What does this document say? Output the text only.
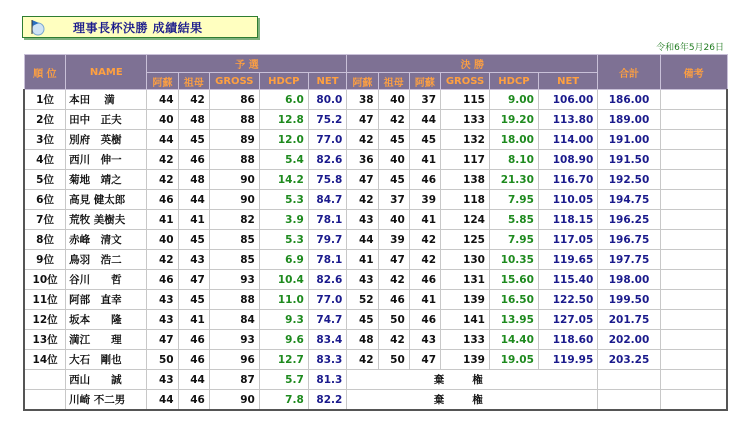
理事長杯決勝 成績結果
令和6年5月26日
順 位	NAME	予 選					決 勝						合計	備考
		阿蘇	祖母	GROSS	HDCP	NET	阿蘇	祖母	阿蘇	GROSS	HDCP	NET		
1位	本田　 満	44	42	86	6.0	80.0	38	40	37	115	9.00	106.00	186.00	
2位	田中　正夫	40	48	88	12.8	75.2	47	42	44	133	19.20	113.80	189.00	
3位	別府　英樹	44	45	89	12.0	77.0	42	45	45	132	18.00	114.00	191.00	
4位	西川　伸一	42	46	88	5.4	82.6	36	40	41	117	8.10	108.90	191.50	
5位	菊地　靖之	42	48	90	14.2	75.8	47	45	46	138	21.30	116.70	192.50	
6位	高見 健太郎	46	44	90	5.3	84.7	42	37	39	118	7.95	110.05	194.75	
7位	荒牧 美樹夫	41	41	82	3.9	78.1	43	40	41	124	5.85	118.15	196.25	
8位	赤峰　清文	40	45	85	5.3	79.7	44	39	42	125	7.95	117.05	196.75	
9位	鳥羽　浩二	42	43	85	6.9	78.1	41	47	42	130	10.35	119.65	197.75	
10位	谷川　　哲	46	47	93	10.4	82.6	43	42	46	131	15.60	115.40	198.00	
11位	阿部　直幸	43	45	88	11.0	77.0	52	46	41	139	16.50	122.50	199.50	
12位	坂本　　隆	43	41	84	9.3	74.7	45	50	46	141	13.95	127.05	201.75	
13位	満江　　理	47	46	93	9.6	83.4	48	42	43	133	14.40	118.60	202.00	
14位	大石　剛也	50	46	96	12.7	83.3	42	50	47	139	19.05	119.95	203.25	
	西山　　誠	43	44	87	5.7	81.3	棄権							
	川崎 不二男	44	46	90	7.8	82.2	棄権							
